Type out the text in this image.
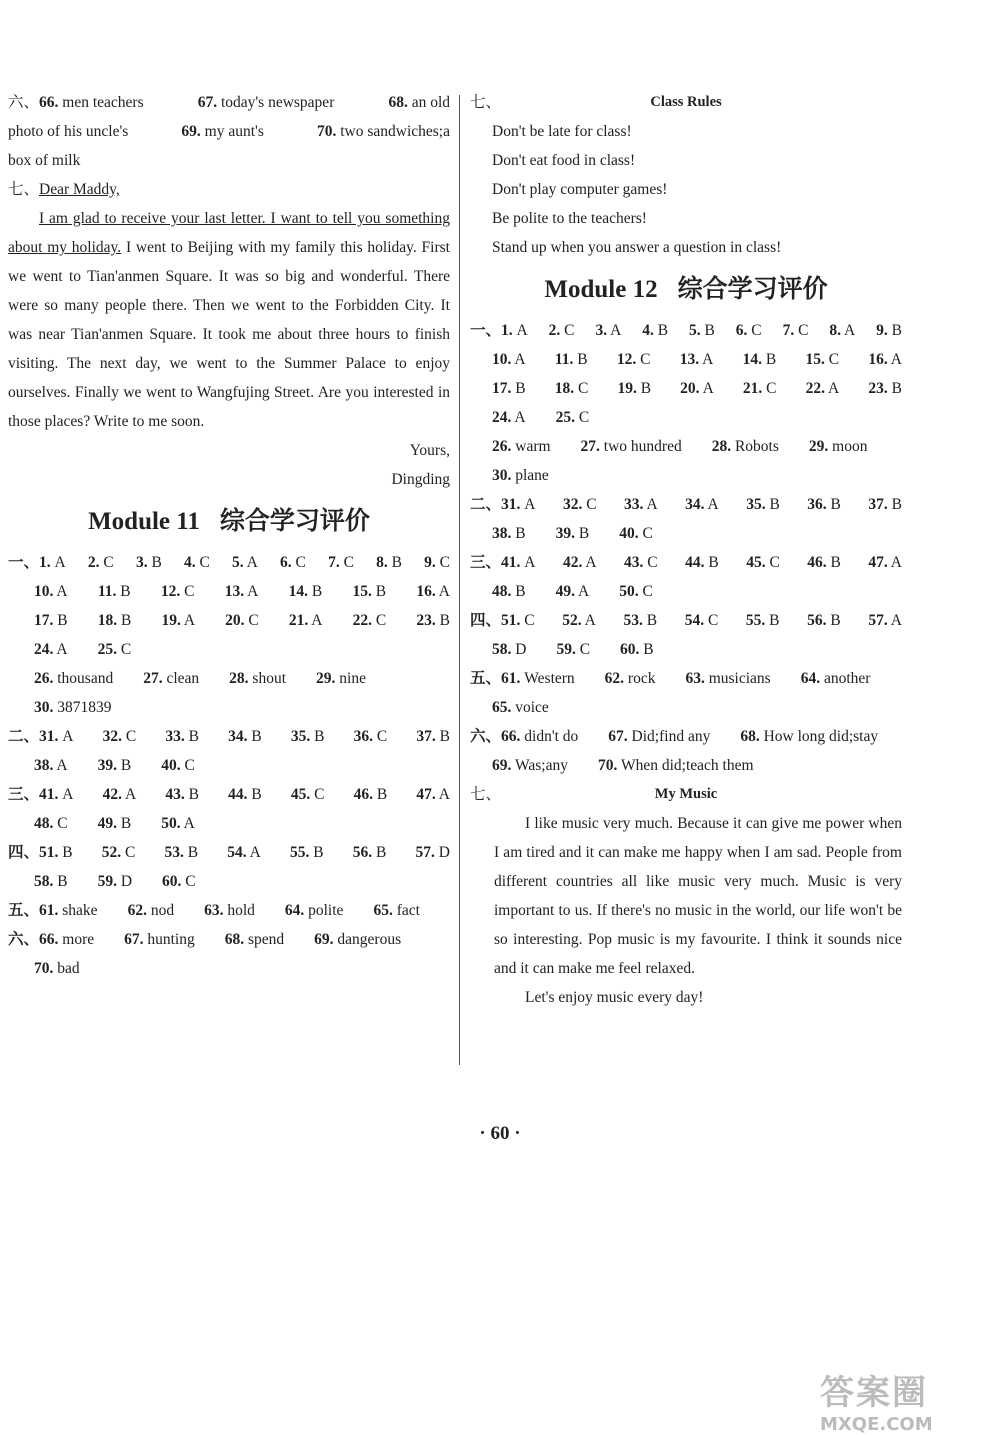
六、66. men teachers	67. today's newspaper	68. an old
photo of his uncle's	69. my aunt's	70. two sandwiches;a
box of milk
七、Dear Maddy,
I am glad to receive your last letter. I want to tell you something about my holiday. I went to Beijing with my family this holiday. First we went to Tian'anmen Square. It was so big and wonderful. There were so many people there. Then we went to the Forbidden City. It was near Tian'anmen Square. It took me about three hours to finish visiting. The next day, we went to the Summer Palace to enjoy ourselves. Finally we went to Wangfujing Street. Are you interested in those places? Write to me soon.
Yours,
Dingding
Module 11 综合学习评价
一、1. A 2. C 3. B 4. C 5. A 6. C 7. C 8. B 9. C
10. A 11. B 12. C 13. A 14. B 15. B 16. A
17. B 18. B 19. A 20. C 21. A 22. C 23. B
24. A 25. C
26. thousand 27. clean 28. shout 29. nine
30. 3871839
二、31. A 32. C 33. B 34. B 35. B 36. C 37. B
38. A 39. B 40. C
三、41. A 42. A 43. B 44. B 45. C 46. B 47. A
48. C 49. B 50. A
四、51. B 52. C 53. B 54. A 55. B 56. B 57. D
58. B 59. D 60. C
五、61. shake 62. nod 63. hold 64. polite 65. fact
六、66. more 67. hunting 68. spend 69. dangerous
70. bad
七、	Class Rules
Don't be late for class!
Don't eat food in class!
Don't play computer games!
Be polite to the teachers!
Stand up when you answer a question in class!
Module 12 综合学习评价
一、1. A 2. C 3. A 4. B 5. B 6. C 7. C 8. A 9. B
10. A 11. B 12. C 13. A 14. B 15. C 16. A
17. B 18. C 19. B 20. A 21. C 22. A 23. B
24. A 25. C
26. warm 27. two hundred 28. Robots 29. moon
30. plane
二、31. A 32. C 33. A 34. A 35. B 36. B 37. B
38. B 39. B 40. C
三、41. A 42. A 43. C 44. B 45. C 46. B 47. A
48. B 49. A 50. C
四、51. C 52. A 53. B 54. C 55. B 56. B 57. A
58. D 59. C 60. B
五、61. Western 62. rock 63. musicians 64. another
65. voice
六、66. didn't do 67. Did;find any 68. How long did;stay
69. Was;any 70. When did;teach them
七、	My Music
I like music very much. Because it can give me power when I am tired and it can make me happy when I am sad. People from different countries all like music very much. Music is very important to us. If there's no music in the world, our life won't be so interesting. Pop music is my favourite. I think it sounds nice and it can make me feel relaxed.
Let's enjoy music every day!
· 60 ·
答案圈
MXQE.COM
